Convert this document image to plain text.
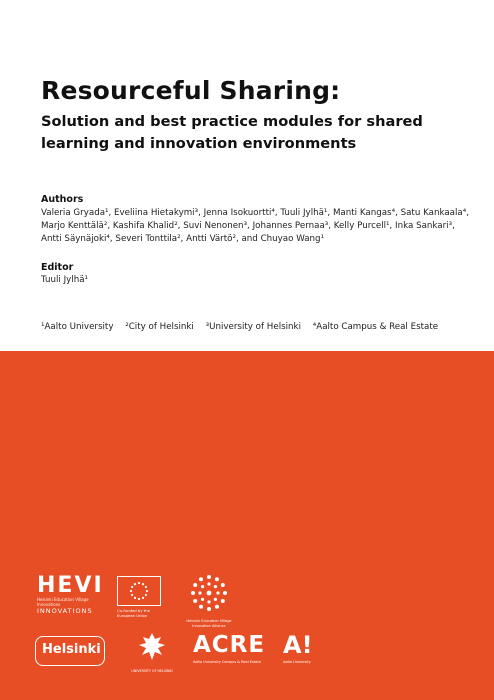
Resourceful Sharing:
Solution and best practice modules for shared learning and innovation environments
Authors
Valeria Gryada¹, Eveliina Hietakymi³, Jenna Isokuortti⁴, Tuuli Jylhä¹, Manti Kangas⁴, Satu Kankaala⁴, Marjo Kenttälä², Kashifa Khalid², Suvi Nenonen³, Johannes Pernaa³, Kelly Purcell¹, Inka Sankari³, Antti Säynäjoki⁴, Severi Tonttila², Antti Värtö², and Chuyao Wang¹
Editor
Tuuli Jylhä¹
¹Aalto University ²City of Helsinki ³University of Helsinki ⁴Aalto Campus & Real Estate
HEVI
Helsinki Education Village Innovations
INNOVATIONS	Co-funded by the European Union
Helsinki Education Village Innovation Alliance
Helsinki
UNIVERSITY OF HELSINKI
ACRE
Aalto University Campus & Real Estate
A!
Aalto University
